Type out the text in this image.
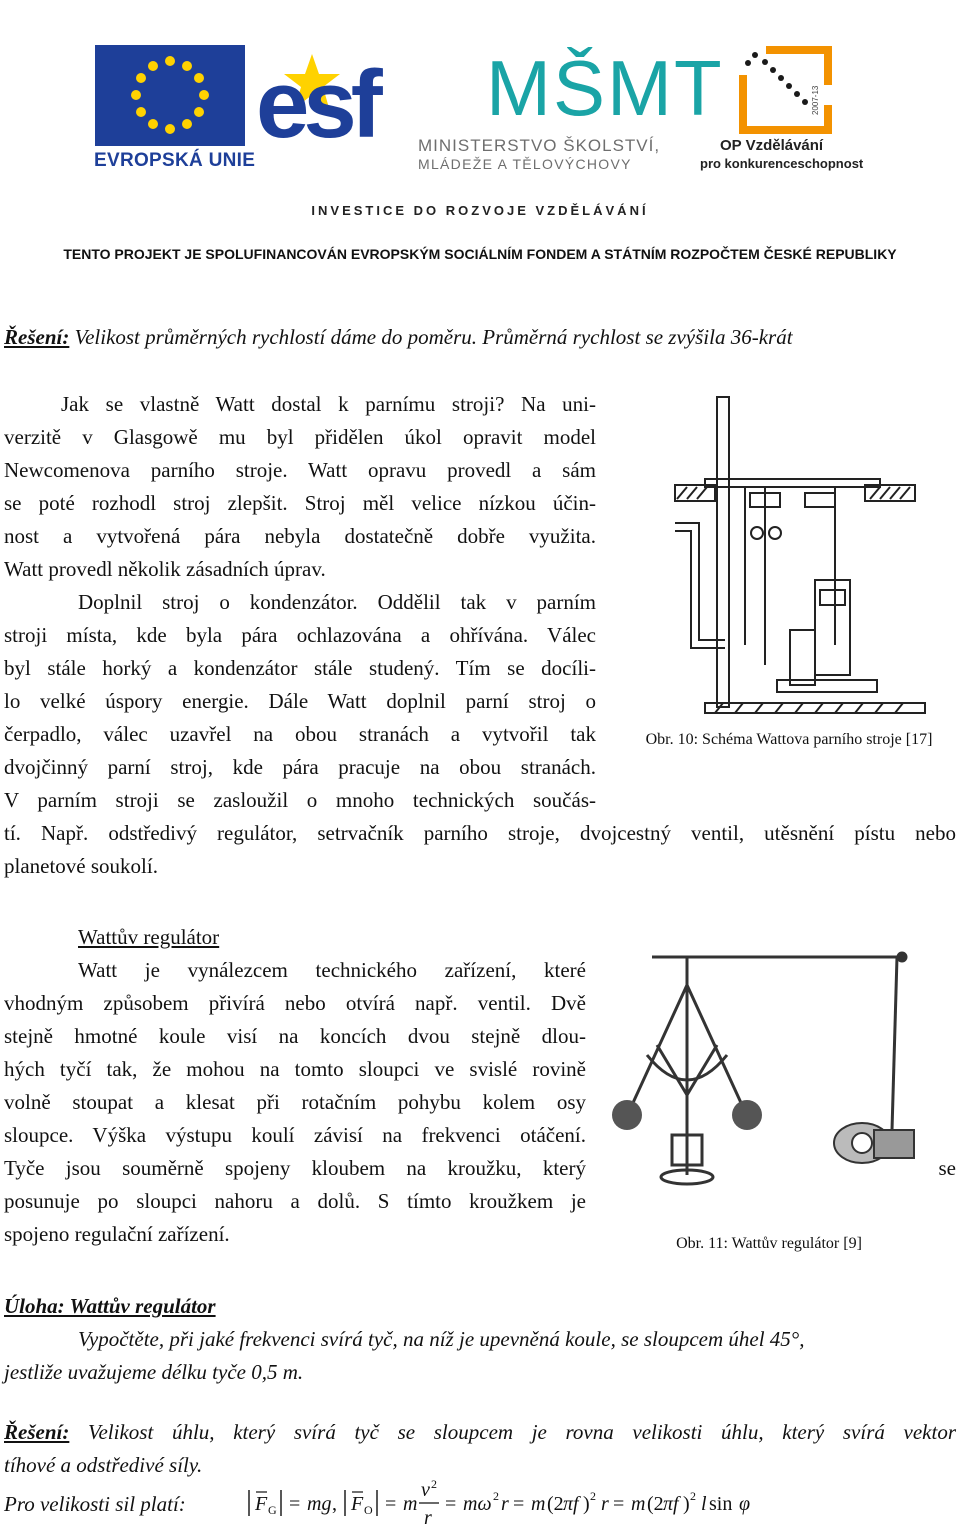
EVROPSKÁ UNIE
esf MŠMT
MINISTERSTVO ŠKOLSTVÍ,
MLÁDEŽE A TĚLOVÝCHOVY
2007-13
OP Vzdělávání
pro konkurenceschopnost
INVESTICE DO ROZVOJE VZDĚLÁVÁNÍ
TENTO PROJEKT JE SPOLUFINANCOVÁN EVROPSKÝM SOCIÁLNÍM FONDEM A STÁTNÍM ROZPOČTEM ČESKÉ REPUBLIKY
Řešení: Velikost průměrných rychlostí dáme do poměru. Průměrná rychlost se zvýšila 36-krát
Jak se vlastně Watt dostal k parnímu stroji? Na uni-
verzitě v Glasgowě mu byl přidělen úkol opravit model
Newcomenova parního stroje. Watt opravu provedl a sám
se poté rozhodl stroj zlepšit. Stroj měl velice nízkou účin-
nost a vytvořená pára nebyla dostatečně dobře využita.
Watt provedl několik zásadních úprav.
Doplnil stroj o kondenzátor. Oddělil tak v parním
stroji místa, kde byla pára ochlazována a ohřívána. Válec
byl stále horký a kondenzátor stále studený. Tím se docíli-
lo velké úspory energie. Dále Watt doplnil parní stroj o
čerpadlo, válec uzavřel na obou stranách a vytvořil tak
dvojčinný parní stroj, kde pára pracuje na obou stranách.
V parním stroji se zasloužil o mnoho technických součás-
tí. Např. odstředivý regulátor, setrvačník parního stroje, dvojcestný ventil, utěsnění pístu nebo
planetové soukolí.
Obr. 10: Schéma Wattova parního stroje [17]
Wattův regulátor
Watt je vynálezcem technického zařízení, které
vhodným způsobem přivírá nebo otvírá např. ventil. Dvě
stejně hmotné koule visí na koncích dvou stejně dlou-
hých tyčí tak, že mohou na tomto sloupci ve svislé rovině
volně stoupat a klesat při rotačním pohybu kolem osy
sloupce. Výška výstupu koulí závisí na frekvenci otáčení.
Tyče jsou souměrně spojeny kloubem na kroužku, který	se
posunuje po sloupci nahoru a dolů. S tímto kroužkem je
spojeno regulační zařízení.	Obr. 11: Wattův regulátor [9]
Úloha: Wattův regulátor
Vypočtěte, při jaké frekvenci svírá tyč, na níž je upevněná koule, se sloupcem úhel 45°,
jestliže uvažujeme délku tyče 0,5 m.
Řešení: Velikost úhlu, který svírá tyč se sloupcem je rovna velikosti úhlu, který svírá vektor
tíhové a odstředivé síly.
Pro velikosti sil platí:	F G = mg , F O = m
v 2
r
= mω 2 r = m (2 πf ) 2 r = m (2 πf ) 2 l sin φ
